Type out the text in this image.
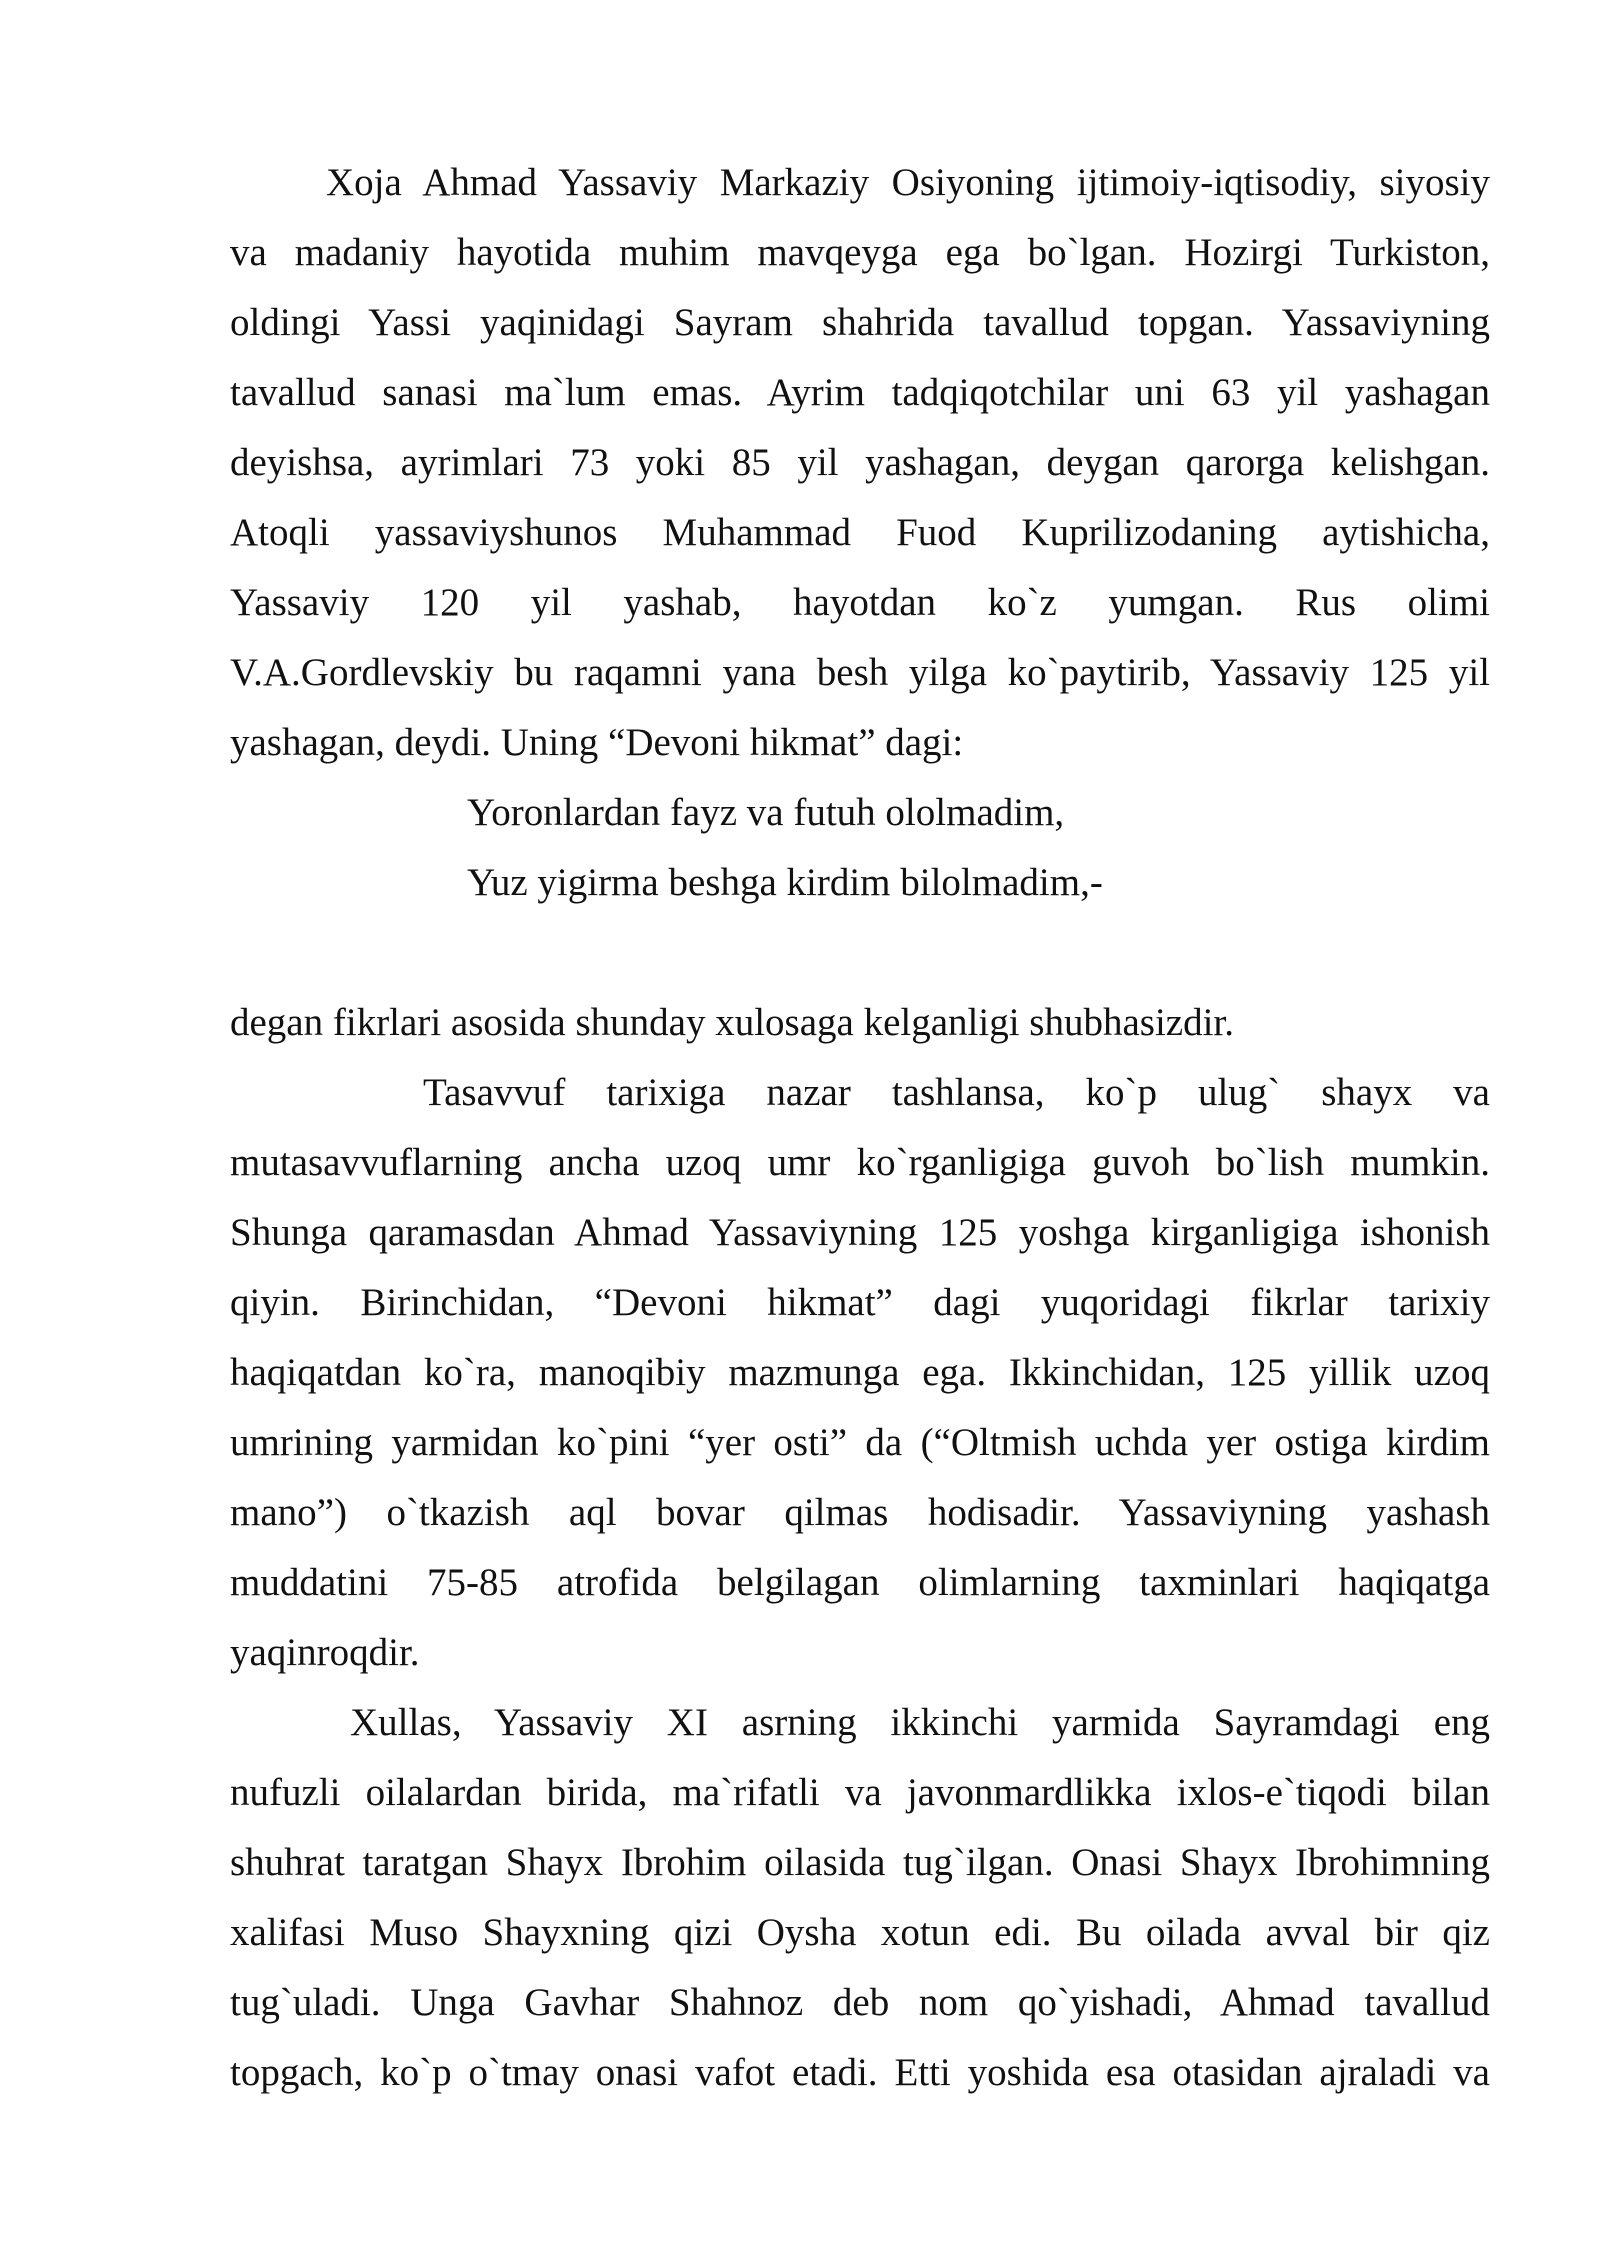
Xoja Ahmad Yassaviy Markaziy Osiyoning ijtimoiy-iqtisodiy, siyosiy
va madaniy hayotida muhim mavqeyga ega bo`lgan. Hozirgi Turkiston,
oldingi Yassi yaqinidagi Sayram shahrida tavallud topgan. Yassaviyning
tavallud sanasi ma`lum emas. Ayrim tadqiqotchilar uni 63 yil yashagan
deyishsa, ayrimlari 73 yoki 85 yil yashagan, deygan qarorga kelishgan.
Atoqli yassaviyshunos Muhammad Fuod Kuprilizodaning aytishicha,
Yassaviy 120 yil yashab, hayotdan ko`z yumgan. Rus olimi
V.A.Gordlevskiy bu raqamni yana besh yilga ko`paytirib, Yassaviy 125 yil
yashagan, deydi. Uning “Devoni hikmat” dagi:
Yoronlardan fayz va futuh ololmadim,
Yuz yigirma beshga kirdim bilolmadim,-
degan fikrlari asosida shunday xulosaga kelganligi shubhasizdir.
Tasavvuf tarixiga nazar tashlansa, ko`p ulug` shayx va
mutasavvuflarning ancha uzoq umr ko`rganligiga guvoh bo`lish mumkin.
Shunga qaramasdan Ahmad Yassaviyning 125 yoshga kirganligiga ishonish
qiyin. Birinchidan, “Devoni hikmat” dagi yuqoridagi fikrlar tarixiy
haqiqatdan ko`ra, manoqibiy mazmunga ega. Ikkinchidan, 125 yillik uzoq
umrining yarmidan ko`pini “yer osti” da (“Oltmish uchda yer ostiga kirdim
mano”) o`tkazish aql bovar qilmas hodisadir. Yassaviyning yashash
muddatini 75-85 atrofida belgilagan olimlarning taxminlari haqiqatga
yaqinroqdir.
Xullas, Yassaviy XI asrning ikkinchi yarmida Sayramdagi eng
nufuzli oilalardan birida, ma`rifatli va javonmardlikka ixlos-e`tiqodi bilan
shuhrat taratgan Shayx Ibrohim oilasida tug`ilgan. Onasi Shayx Ibrohimning
xalifasi Muso Shayxning qizi Oysha xotun edi. Bu oilada avval bir qiz
tug`uladi. Unga Gavhar Shahnoz deb nom qo`yishadi, Ahmad tavallud
topgach, ko`p o`tmay onasi vafot etadi. Etti yoshida esa otasidan ajraladi va
